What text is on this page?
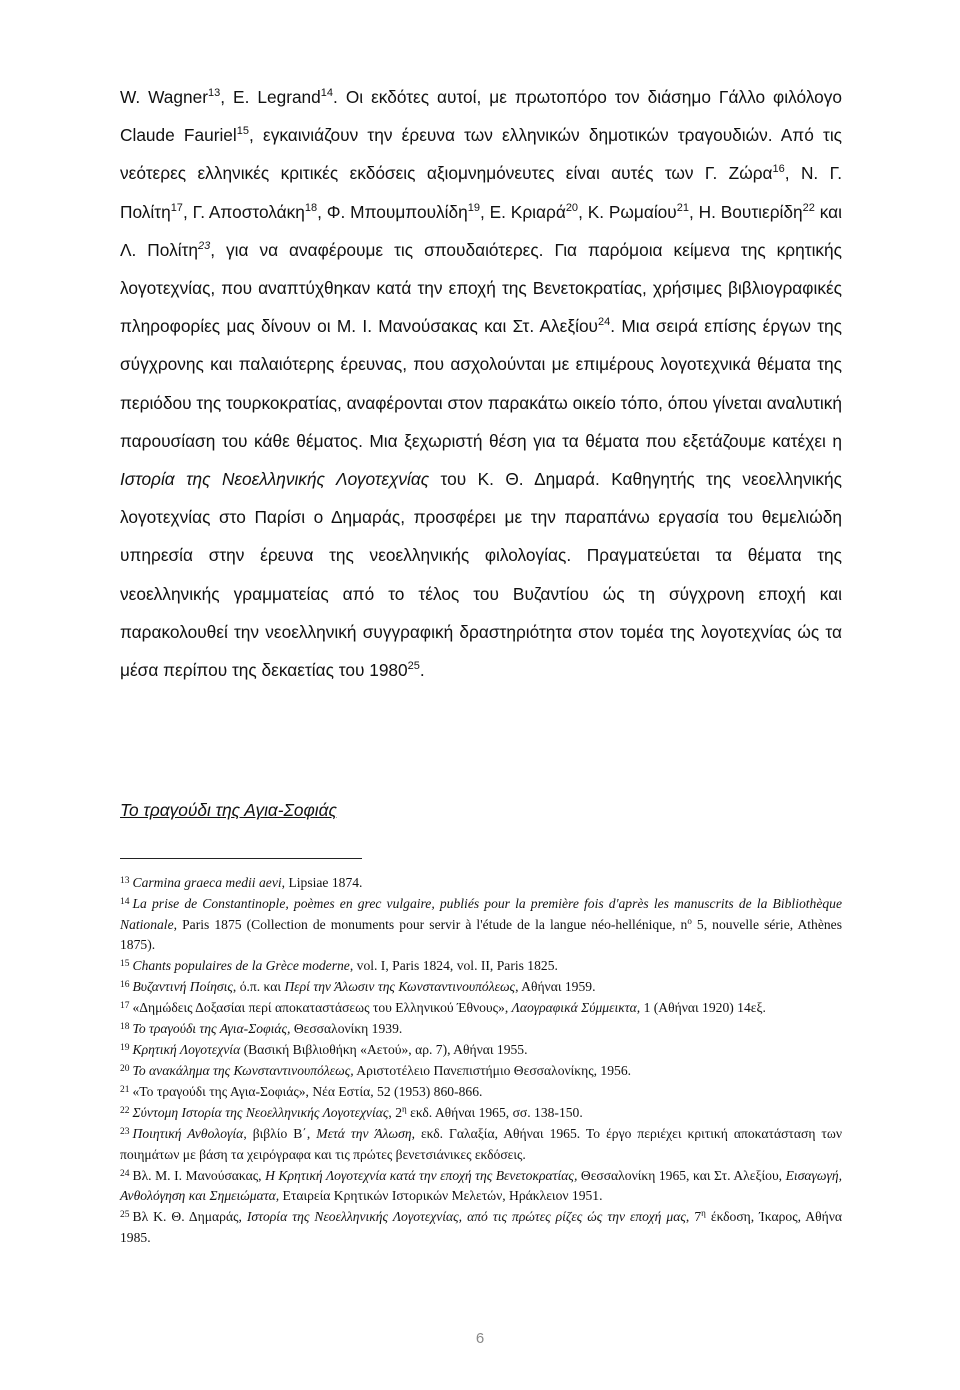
W. Wagner$^{13}$, E. Legrand$^{14}$. Οι εκδότες αυτοί, με πρωτοπόρο τον διάσημο Γάλλο φιλόλογο Claude Fauriel$^{15}$, εγκαινιάζουν την έρευνα των ελληνικών δημοτικών τραγουδιών. Από τις νεότερες ελληνικές κριτικές εκδόσεις αξιομνημόνευτες είναι αυτές των Γ. Ζώρα$^{16}$, Ν. Γ. Πολίτη$^{17}$, Γ. Αποστολάκη$^{18}$, Φ. Μπουμπουλίδη$^{19}$, Ε. Κριαρά$^{20}$, Κ. Ρωμαίου$^{21}$, Η. Βουτιερίδη$^{22}$ και Λ. Πολίτη$^{23}$, για να αναφέρουμε τις σπουδαιότερες. Για παρόμοια κείμενα της κρητικής λογοτεχνίας, που αναπτύχθηκαν κατά την εποχή της Βενετοκρατίας, χρήσιμες βιβλιογραφικές πληροφορίες μας δίνουν οι Μ. Ι. Μανούσακας και Στ. Αλεξίου$^{24}$. Μια σειρά επίσης έργων της σύγχρονης και παλαιότερης έρευνας, που ασχολούνται με επιμέρους λογοτεχνικά θέματα της περιόδου της τουρκοκρατίας, αναφέρονται στον παρακάτω οικείο τόπο, όπου γίνεται αναλυτική παρουσίαση του κάθε θέματος. Μια ξεχωριστή θέση για τα θέματα που εξετάζουμε κατέχει η Ιστορία της Νεοελληνικής Λογοτεχνίας του Κ. Θ. Δημαρά. Καθηγητής της νεοελληνικής λογοτεχνίας στο Παρίσι ο Δημαράς, προσφέρει με την παραπάνω εργασία του θεμελιώδη υπηρεσία στην έρευνα της νεοελληνικής φιλολογίας. Πραγματεύεται τα θέματα της νεοελληνικής γραμματείας από το τέλος του Βυζαντίου ώς τη σύγχρονη εποχή και παρακολουθεί την νεοελληνική συγγραφική δραστηριότητα στον τομέα της λογοτεχνίας ώς τα μέσα περίπου της δεκαετίας του 1980$^{25}$.

Το τραγούδι της Αγια-Σοφιάς

$^{13}$ Carmina graeca medii aevi, Lipsiae 1874.
$^{14}$ La prise de Constantinople, poèmes en grec vulgaire, publiés pour la première fois d'après les manuscrits de la Bibliothèque Nationale, Paris 1875 (Collection de monuments pour servir à l'étude de la langue néo-hellénique, $n^o$ 5, nouvelle série, Athènes 1875).
$^{15}$ Chants populaires de la Grèce moderne, vol. I, Paris 1824, vol. II, Paris 1825.
$^{16}$ Βυζαντινή Ποίησις, ό.π. και Περί την Άλωσιν της Κωνσταντινουπόλεως, Αθήναι 1959.
$^{17}$ «Δημώδεις Δοξασίαι περί αποκαταστάσεως του Ελληνικού Έθνους», Λαογραφικά Σύμμεικτα, 1 (Αθήναι 1920) 14εξ.
$^{18}$ Το τραγούδι της Αγια-Σοφιάς, Θεσσαλονίκη 1939.
$^{19}$ Κρητική Λογοτεχνία (Βασική Βιβλιοθήκη «Αετού», αρ. 7), Αθήναι 1955.
$^{20}$ Το ανακάλημα της Κωνσταντινουπόλεως, Αριστοτέλειο Πανεπιστήμιο Θεσσαλονίκης, 1956.
$^{21}$ «Το τραγούδι της Αγια-Σοφιάς», Νέα Εστία, 52 (1953) 860-866.
$^{22}$ Σύντομη Ιστορία της Νεοελληνικής Λογοτεχνίας, $2^\eta$ εκδ. Αθήναι 1965, σσ. 138-150.
$^{23}$ Ποιητική Ανθολογία, βιβλίο Β΄, Μετά την Άλωση, εκδ. Γαλαξία, Αθήναι 1965. Το έργο περιέχει κριτική αποκατάσταση των ποιημάτων με βάση τα χειρόγραφα και τις πρώτες βενετσιάνικες εκδόσεις.
$^{24}$ Βλ. Μ. Ι. Μανούσακας, Η Κρητική Λογοτεχνία κατά την εποχή της Βενετοκρατίας, Θεσσαλονίκη 1965, και Στ. Αλεξίου, Εισαγωγή, Ανθολόγηση και Σημειώματα, Εταιρεία Κρητικών Ιστορικών Μελετών, Ηράκλειον 1951.
$^{25}$ Βλ Κ. Θ. Δημαράς, Ιστορία της Νεοελληνικής Λογοτεχνίας, από τις πρώτες ρίζες ώς την εποχή μας, $7^\eta$ έκδοση, Ίκαρος, Αθήνα 1985.

6
